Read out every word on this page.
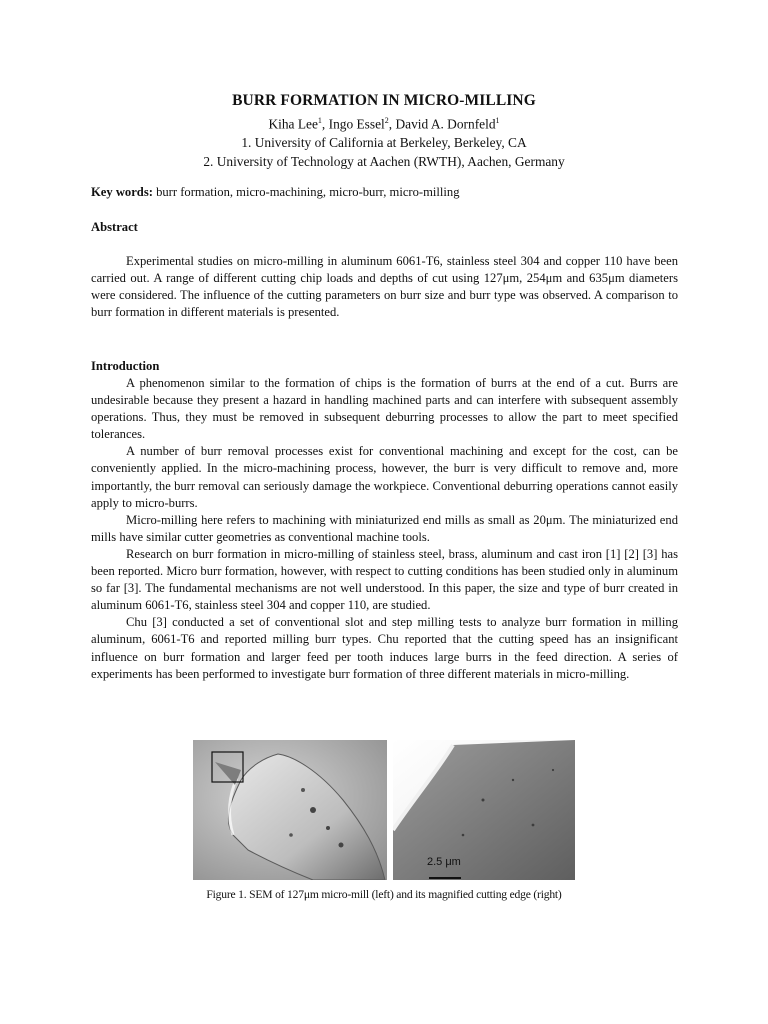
BURR FORMATION IN MICRO-MILLING
Kiha Lee$^1$, Ingo Essel$^2$, David A. Dornfeld$^1$
1. University of California at Berkeley, Berkeley, CA
2. University of Technology at Aachen (RWTH), Aachen, Germany
Key words: burr formation, micro-machining, micro-burr, micro-milling
Abstract
Experimental studies on micro-milling in aluminum 6061-T6, stainless steel 304 and copper 110 have been carried out. A range of different cutting chip loads and depths of cut using 127μm, 254μm and 635μm diameters were considered. The influence of the cutting parameters on burr size and burr type was observed. A comparison to burr formation in different materials is presented.
Introduction

A phenomenon similar to the formation of chips is the formation of burrs at the end of a cut. Burrs are undesirable because they present a hazard in handling machined parts and can interfere with subsequent assembly operations. Thus, they must be removed in subsequent deburring processes to allow the part to meet specified tolerances.

A number of burr removal processes exist for conventional machining and except for the cost, can be conveniently applied. In the micro-machining process, however, the burr is very difficult to remove and, more importantly, the burr removal can seriously damage the workpiece. Conventional deburring operations cannot easily apply to micro-burrs.

Micro-milling here refers to machining with miniaturized end mills as small as 20μm. The miniaturized end mills have similar cutter geometries as conventional machine tools.

Research on burr formation in micro-milling of stainless steel, brass, aluminum and cast iron [1] [2] [3] has been reported. Micro burr formation, however, with respect to cutting conditions has been studied only in aluminum so far [3]. The fundamental mechanisms are not well understood. In this paper, the size and type of burr created in aluminum 6061-T6, stainless steel 304 and copper 110, are studied.

Chu [3] conducted a set of conventional slot and step milling tests to analyze burr formation in milling aluminum, 6061-T6 and reported milling burr types. Chu reported that the cutting speed has an insignificant influence on burr formation and larger feed per tooth induces large burrs in the feed direction. A series of experiments has been performed to investigate burr formation of three different materials in micro-milling.

2.5 μm
Figure 1. SEM of 127μm micro-mill (left) and its magnified cutting edge (right)
